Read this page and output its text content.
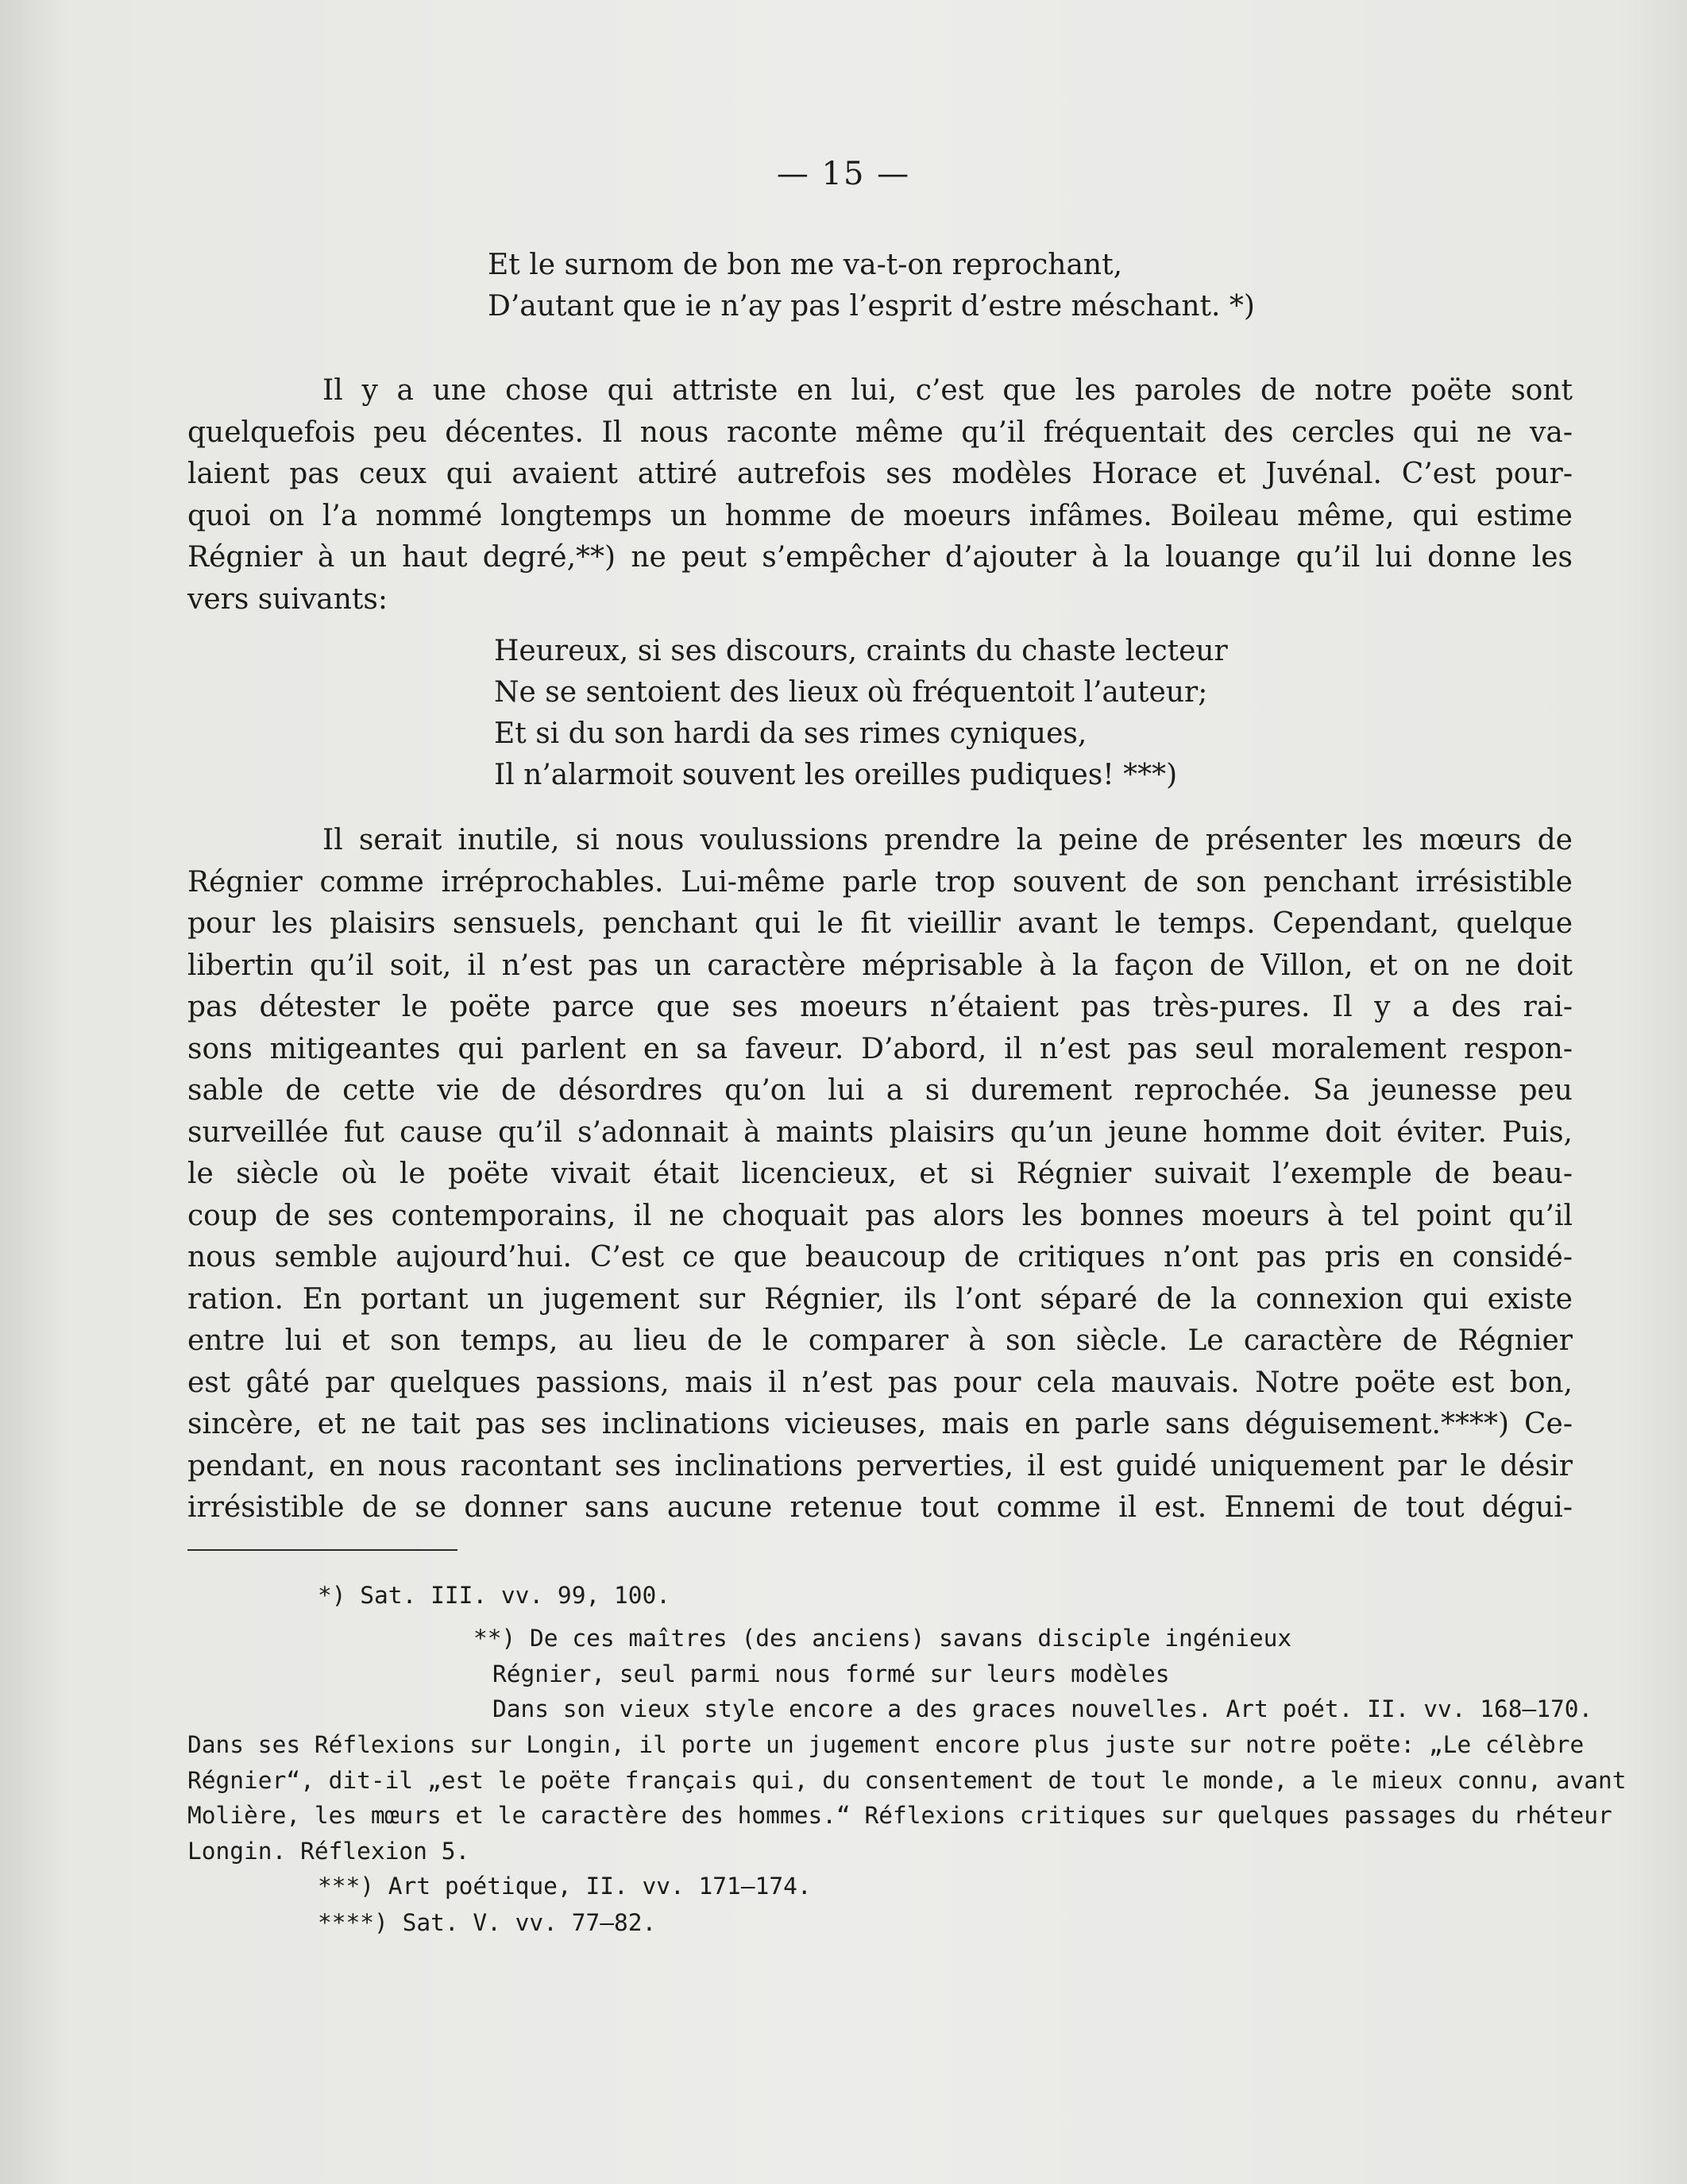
— 15 —
Et le surnom de bon me va-t-on reprochant,
D’autant que ie n’ay pas l’esprit d’estre méschant. *)
Il y a une chose qui attriste en lui, c’est que les paroles de notre poëte sont
quelquefois peu décentes. Il nous raconte même qu’il fréquentait des cercles qui ne va-
laient pas ceux qui avaient attiré autrefois ses modèles Horace et Juvénal. C’est pour-
quoi on l’a nommé longtemps un homme de moeurs infâmes. Boileau même, qui estime
Régnier à un haut degré,**) ne peut s’empêcher d’ajouter à la louange qu’il lui donne les
vers suivants:
Heureux, si ses discours, craints du chaste lecteur
Ne se sentoient des lieux où fréquentoit l’auteur;
Et si du son hardi da ses rimes cyniques,
Il n’alarmoit souvent les oreilles pudiques! ***)
Il serait inutile, si nous voulussions prendre la peine de présenter les mœurs de
Régnier comme irréprochables. Lui-même parle trop souvent de son penchant irrésistible
pour les plaisirs sensuels, penchant qui le fit vieillir avant le temps. Cependant, quelque
libertin qu’il soit, il n’est pas un caractère méprisable à la façon de Villon, et on ne doit
pas détester le poëte parce que ses moeurs n’étaient pas très-pures. Il y a des rai-
sons mitigeantes qui parlent en sa faveur. D’abord, il n’est pas seul moralement respon-
sable de cette vie de désordres qu’on lui a si durement reprochée. Sa jeunesse peu
surveillée fut cause qu’il s’adonnait à maints plaisirs qu’un jeune homme doit éviter. Puis,
le siècle où le poëte vivait était licencieux, et si Régnier suivait l’exemple de beau-
coup de ses contemporains, il ne choquait pas alors les bonnes moeurs à tel point qu’il
nous semble aujourd’hui. C’est ce que beaucoup de critiques n’ont pas pris en considé-
ration. En portant un jugement sur Régnier, ils l’ont séparé de la connexion qui existe
entre lui et son temps, au lieu de le comparer à son siècle. Le caractère de Régnier
est gâté par quelques passions, mais il n’est pas pour cela mauvais. Notre poëte est bon,
sincère, et ne tait pas ses inclinations vicieuses, mais en parle sans déguisement.****) Ce-
pendant, en nous racontant ses inclinations perverties, il est guidé uniquement par le désir
irrésistible de se donner sans aucune retenue tout comme il est. Ennemi de tout dégui-
*) Sat. III. vv. 99, 100.
**) De ces maîtres (des anciens) savans disciple ingénieux
Régnier, seul parmi nous formé sur leurs modèles
Dans son vieux style encore a des graces nouvelles. Art poét. II. vv. 168—170.
Dans ses Réflexions sur Longin, il porte un jugement encore plus juste sur notre poëte: „Le célèbre
Régnier“, dit-il „est le poëte français qui, du consentement de tout le monde, a le mieux connu, avant
Molière, les mœurs et le caractère des hommes.“ Réflexions critiques sur quelques passages du rhéteur
Longin. Réflexion 5.
***) Art poétique, II. vv. 171—174.
****) Sat. V. vv. 77—82.
